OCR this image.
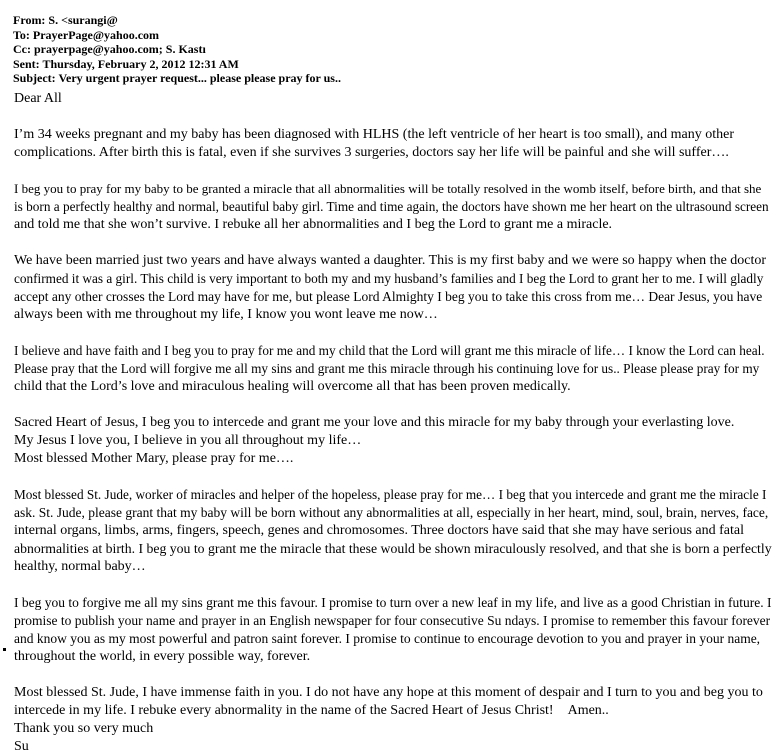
From: S. <surangi@
To: PrayerPage@yahoo.com
Cc: prayerpage@yahoo.com; S. Kastı
Sent: Thursday, February 2, 2012 12:31 AM
Subject: Very urgent prayer request... please please pray for us..

Dear All

I’m 34 weeks pregnant and my baby has been diagnosed with HLHS (the left ventricle of her heart is too small), and many other
complications. After birth this is fatal, even if she survives 3 surgeries, doctors say her life will be painful and she will suffer….

I beg you to pray for my baby to be granted a miracle that all abnormalities will be totally resolved in the womb itself, before birth, and that she
is born a perfectly healthy and normal, beautiful baby girl. Time and time again, the doctors have shown me her heart on the ultrasound screen
and told me that she won’t survive. I rebuke all her abnormalities and I beg the Lord to grant me a miracle.

We have been married just two years and have always wanted a daughter. This is my first baby and we were so happy when the doctor
confirmed it was a girl. This child is very important to both my and my husband’s families and I beg the Lord to grant her to me. I will gladly
accept any other crosses the Lord may have for me, but please Lord Almighty I beg you to take this cross from me… Dear Jesus, you have
always been with me throughout my life, I know you wont leave me now…

I believe and have faith and I beg you to pray for me and my child that the Lord will grant me this miracle of life… I know the Lord can heal.
Please pray that the Lord will forgive me all my sins and grant me this miracle through his continuing love for us.. Please please pray for my
child that the Lord’s love and miraculous healing will overcome all that has been proven medically.

Sacred Heart of Jesus, I beg you to intercede and grant me your love and this miracle for my baby through your everlasting love.
My Jesus I love you, I believe in you all throughout my life…
Most blessed Mother Mary, please pray for me….

Most blessed St. Jude, worker of miracles and helper of the hopeless, please pray for me… I beg that you intercede and grant me the miracle I
ask. St. Jude, please grant that my baby will be born without any abnormalities at all, especially in her heart, mind, soul, brain, nerves, face,
internal organs, limbs, arms, fingers, speech, genes and chromosomes. Three doctors have said that she may have serious and fatal
abnormalities at birth. I beg you to grant me the miracle that these would be shown miraculously resolved, and that she is born a perfectly
healthy, normal baby…

I beg you to forgive me all my sins grant me this favour. I promise to turn over a new leaf in my life, and live as a good Christian in future. I
promise to publish your name and prayer in an English newspaper for four consecutive Su ndays. I promise to remember this favour forever
and know you as my most powerful and patron saint forever. I promise to continue to encourage devotion to you and prayer in your name,
throughout the world, in every possible way, forever.

Most blessed St. Jude, I have immense faith in you. I do not have any hope at this moment of despair and I turn to you and beg you to
intercede in my life. I rebuke every abnormality in the name of the Sacred Heart of Jesus Christ!    Amen..

Thank you so very much
Su
